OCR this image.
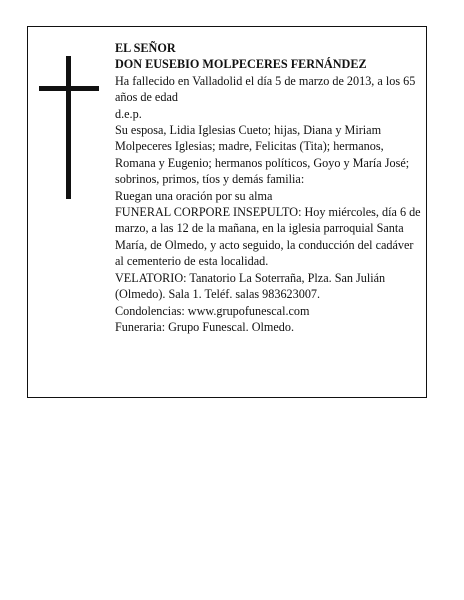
EL SEÑOR

DON EUSEBIO MOLPECERES FERNÁNDEZ

Ha fallecido en Valladolid el día 5 de marzo de 2013, a los 65 años de edad

d.e.p.

Su esposa, Lidia Iglesias Cueto; hijas, Diana y Miriam Molpeceres Iglesias; madre, Felicitas (Tita); hermanos, Romana y Eugenio; hermanos políticos, Goyo y María José; sobrinos, primos, tíos y demás familia:

Ruegan una oración por su alma

FUNERAL CORPORE INSEPULTO: Hoy miércoles, día 6 de marzo, a las 12 de la mañana, en la iglesia parroquial Santa María, de Olmedo, y acto seguido, la conducción del cadáver al cementerio de esta localidad.

VELATORIO: Tanatorio La Soterraña, Plza. San Julián (Olmedo). Sala 1. Teléf. salas 983623007.

Condolencias: www.grupofunescal.com

Funeraria: Grupo Funescal. Olmedo.
